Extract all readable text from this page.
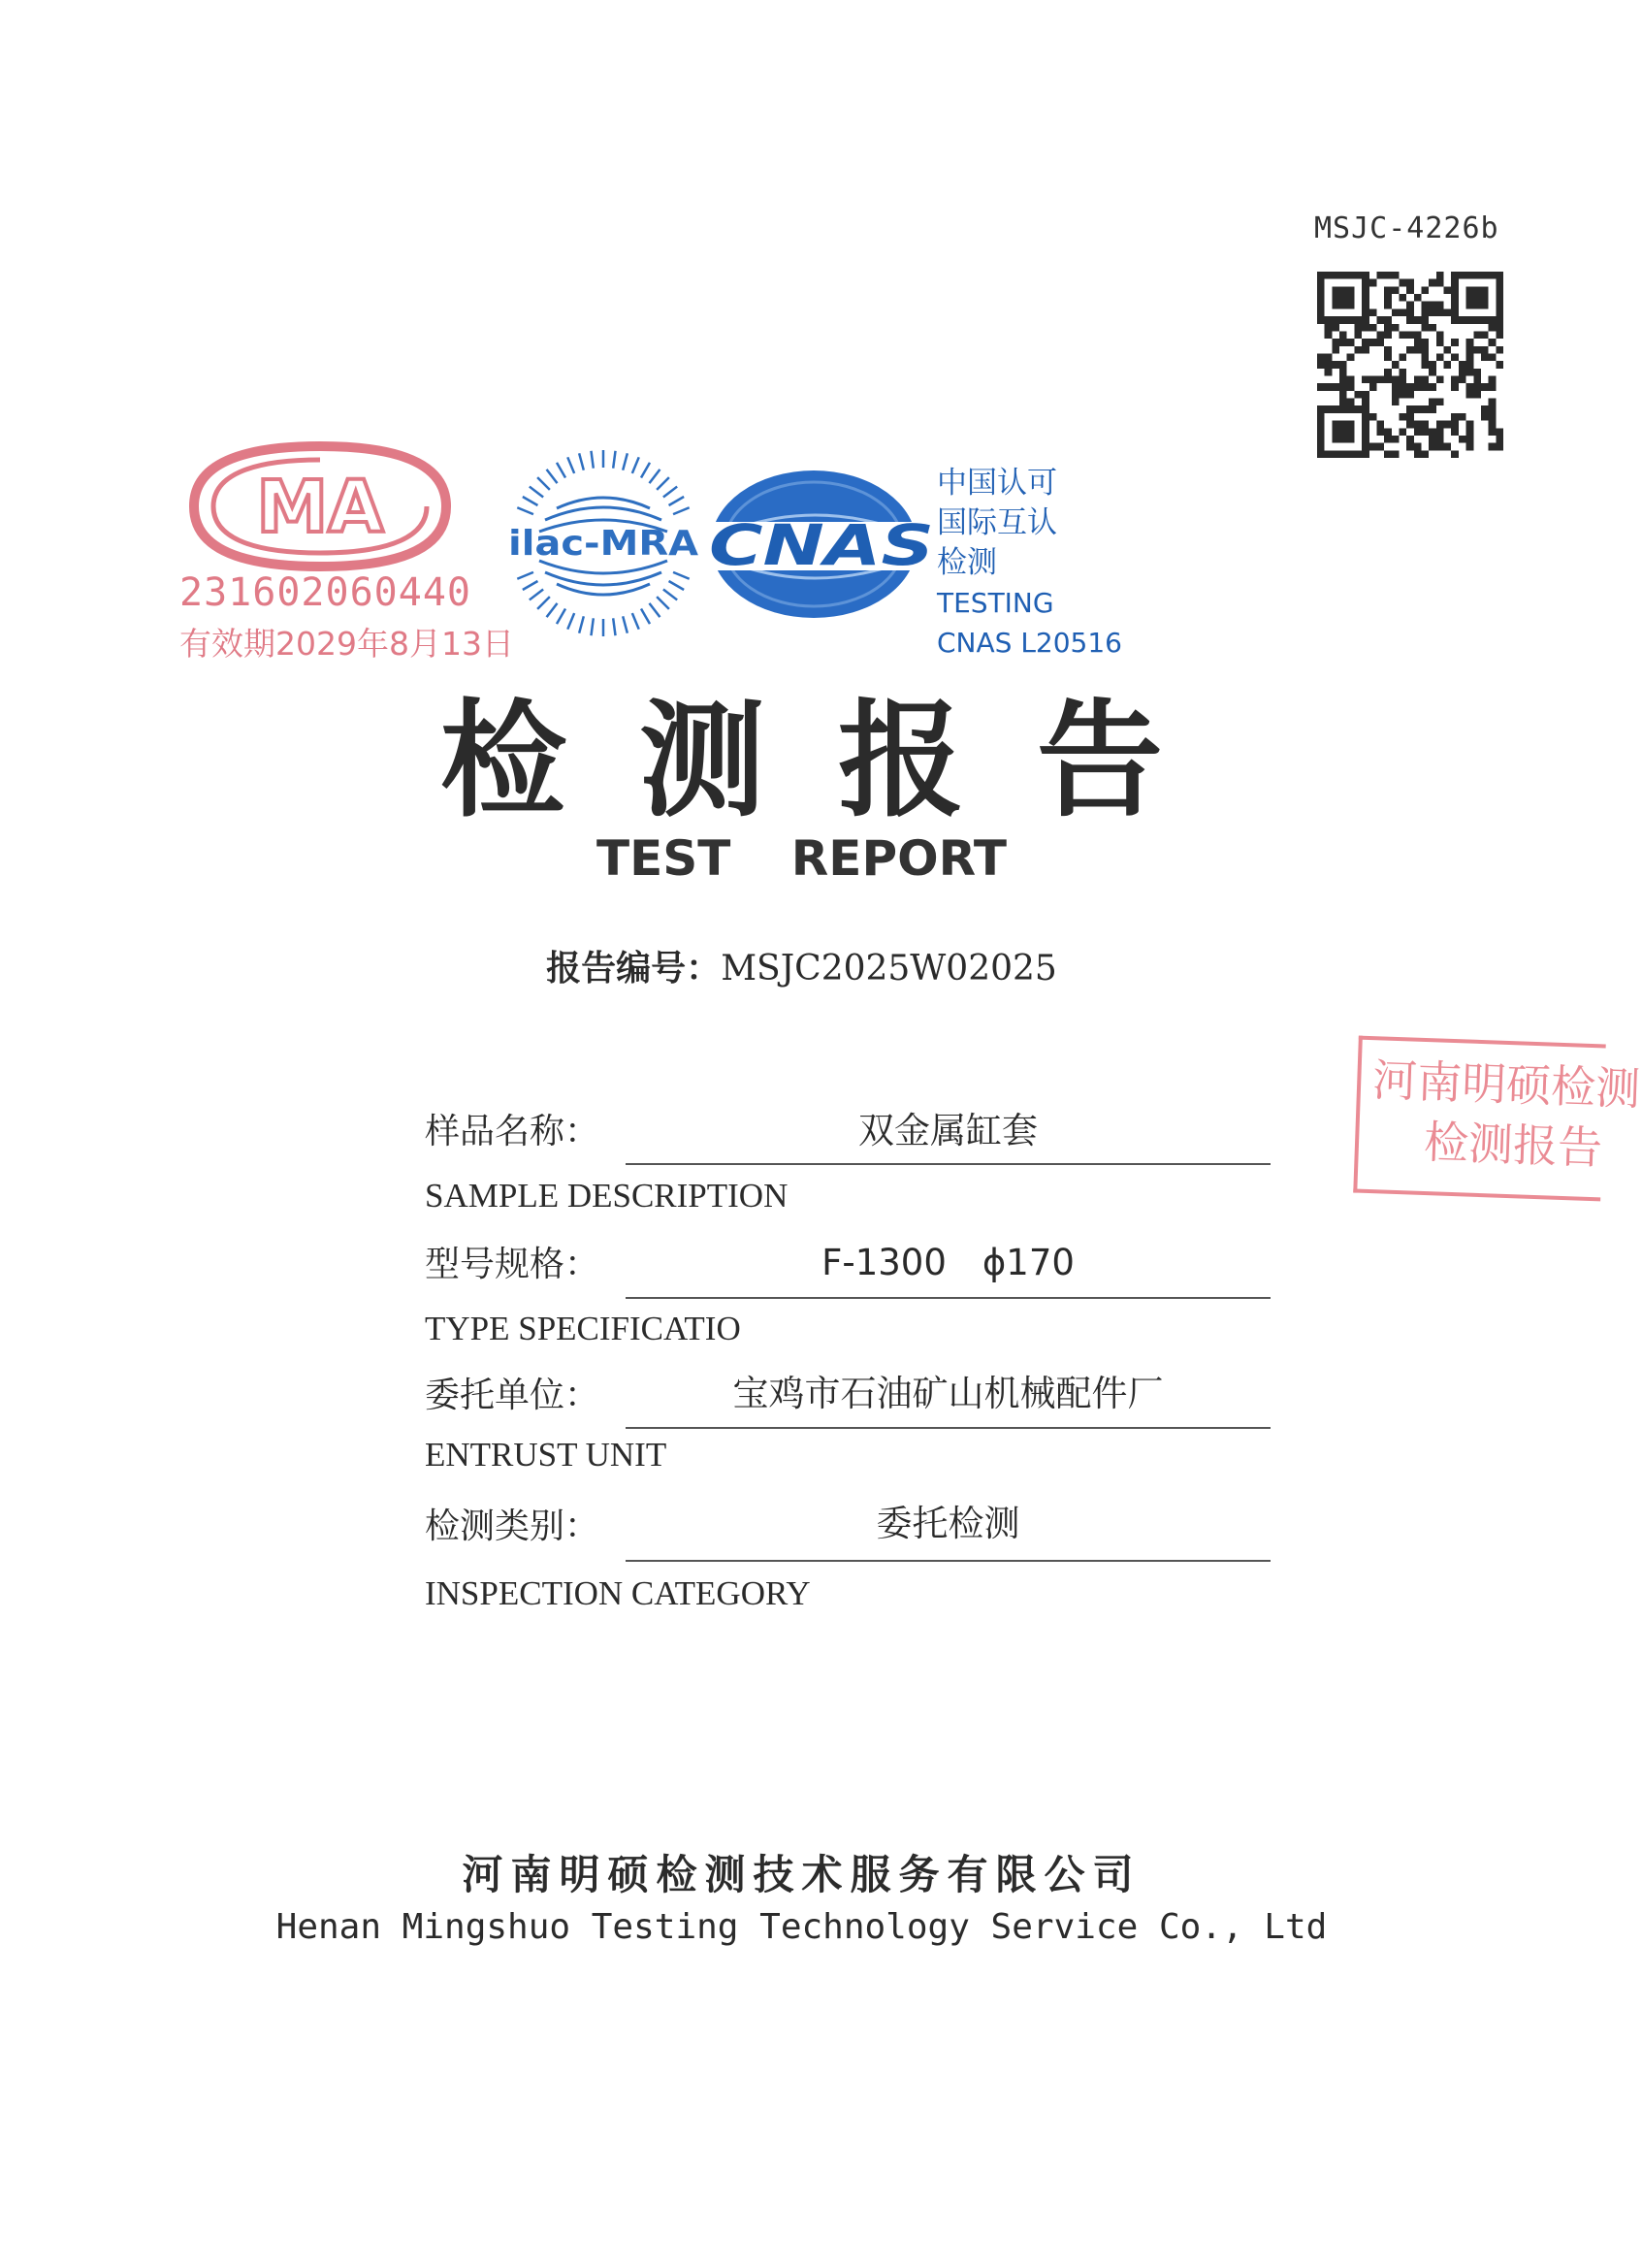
MSJC-4226b
MA
231602060440
有效期2029年8月13日
ilac-MRA CNAS
中国认可
国际互认
检测
TESTING
CNAS L20516
检测报告
TEST REPORT
报告编号：MSJC2025W02025
样品名称：	双金属缸套
SAMPLE DESCRIPTION
型号规格：	F-1300　ϕ170
TYPE SPECIFICATIO
委托单位：	宝鸡市石油矿山机械配件厂
ENTRUST UNIT
检测类别：	委托检测
INSPECTION CATEGORY
河南明硕检测
检测报告
河南明硕检测技术服务有限公司
Henan Mingshuo Testing Technology Service Co., Ltd
